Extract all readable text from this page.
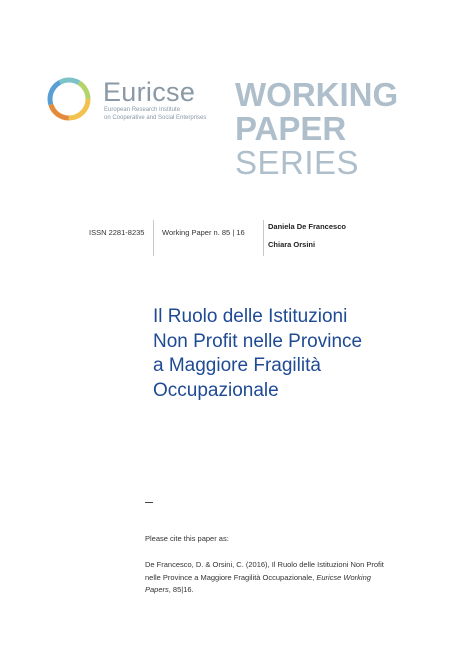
Euricse
European Research Institute
on Cooperative and Social Enterprises
WORKING
PAPER
SERIES
ISSN 2281-8235 Working Paper n. 85 | 16
Daniela De Francesco
Chiara Orsini
Il Ruolo delle Istituzioni
Non Profit nelle Province
a Maggiore Fragilità
Occupazionale
Please cite this paper as:
De Francesco, D. & Orsini, C. (2016), Il Ruolo delle Istituzioni Non Profit nelle Province a Maggiore Fragilità Occupazionale, Euricse Working Papers, 85|16.
